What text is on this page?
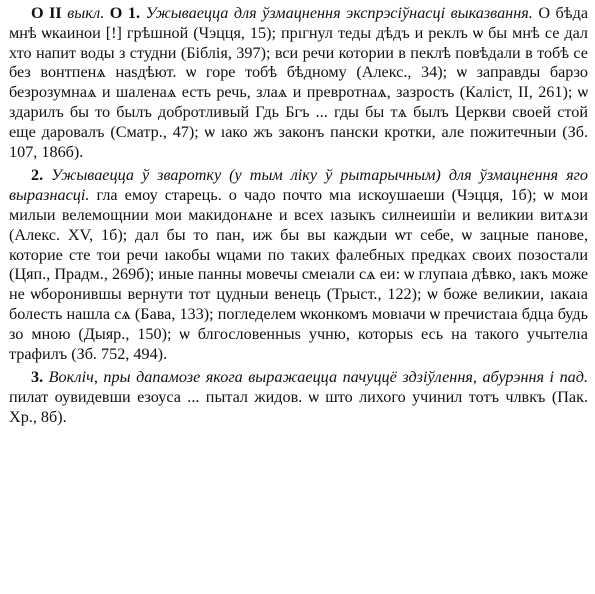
О II выкл. О 1. Ужываецца для ўзмацнення экспрэсіўнасці выказвання. О бѣда мнѣ ѡкаинои [!] грѣшной (Чэцця, 15); прıгнул теды дѣдъ и реклъ ѡ бы мнѣ се дал хто напит воды з студни (Біблія, 397); вси речи котории в пеклѣ повѣдали в тобѣ се без вонтпенѧ наsдѣют. ѡ горе тобѣ бѣдному (Алекс., 34); ѡ заправды барзо безрозумнаѧ и шаленаѧ есть речь, злаѧ и превротнаѧ, зазрость (Каліст, II, 261); ѡ здарилъ бы то былъ добротливый Гдь Бгъ ... гды бы тѧ былъ Церкви своей стой еще даровалъ (Сматр., 47); ѡ ıако жъ законъ пански кротки, але пожитечныи (Зб. 107, 186б).

2. Ужываецца ў зваротку (у тым ліку ў рытарычным) для ўзмацнення яго выразнасці. гла емоу старець. о чадо почто мıа искоушаеши (Чэцця, 1б); ѡ мои милыи велемощнии мои макидонѧне и всех ıазыкъ силнеишіи и великии витѧзи (Алекс. XV, 1б); дал бы то пан, иж бы вы каждыи ѡт себе, ѡ зацные панове, которие сте тои речи ıакобы ѡцами по таких фалебных предках своих позостали (Цяп., Прадм., 269б); иные панны мовечы смеıали сѧ еи: ѡ глупаıа дѣвко, ıакъ може не ѡборонившы вернути тот цудныи венець (Трыст., 122); ѡ боже великии, ıакаıа болесть нашла сѧ (Бава, 133); погледелем ѡконкомъ мовıачи ѡ пречистаıа бдца будь зо мною (Дыяр., 150); ѡ блгословенныs учню, которыs есь на такого учытелıа трафилъ (Зб. 752, 494).

3. Вокліч, пры дапамозе якога выражаецца пачуццё здзіўлення, абурэння і пад. пилат оувидевши езоуса ... пытал жидов. ѡ што лихого учинил тотъ члвкъ (Пак. Хр., 8б).
